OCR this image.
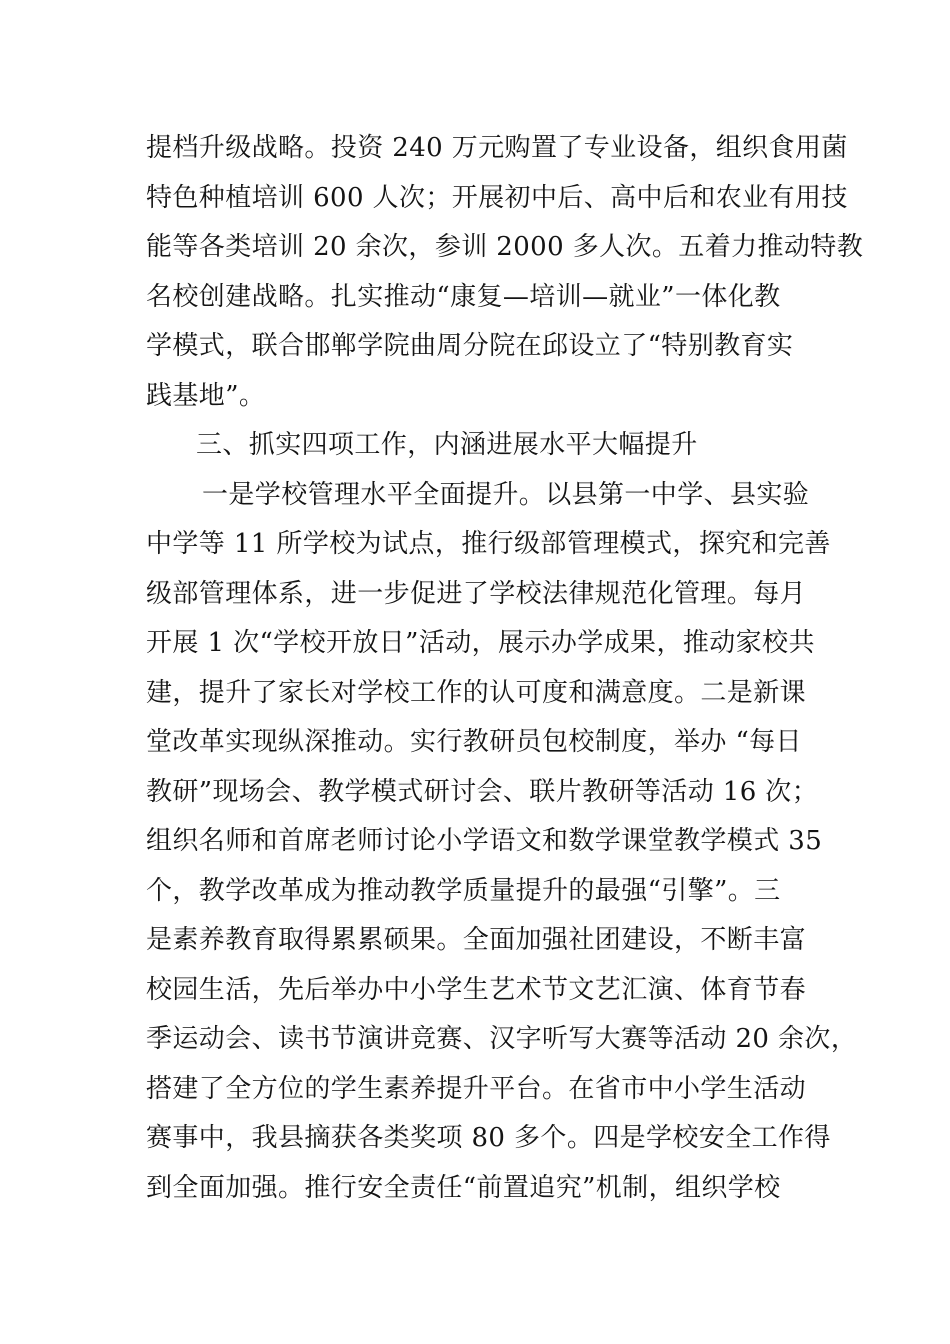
提档升级战略。投资 240 万元购置了专业设备，组织食用菌
特色种植培训 600 人次；开展初中后、高中后和农业有用技
能等各类培训 20 余次，参训 2000 多人次。五着力推动特教
名校创建战略。扎实推动“康复—培训—就业”一体化教
学模式，联合邯郸学院曲周分院在邱设立了“特别教育实
践基地”。
三、抓实四项工作，内涵进展水平大幅提升
一是学校管理水平全面提升。以县第一中学、县实验
中学等 11 所学校为试点，推行级部管理模式，探究和完善
级部管理体系，进一步促进了学校法律规范化管理。每月
开展 1 次“学校开放日”活动，展示办学成果，推动家校共
建，提升了家长对学校工作的认可度和满意度。二是新课
堂改革实现纵深推动。实行教研员包校制度，举办 “每日
教研”现场会、教学模式研讨会、联片教研等活动 16 次；
组织名师和首席老师讨论小学语文和数学课堂教学模式 35
个，教学改革成为推动教学质量提升的最强“引擎”。三
是素养教育取得累累硕果。全面加强社团建设，不断丰富
校园生活，先后举办中小学生艺术节文艺汇演、体育节春
季运动会、读书节演讲竞赛、汉字听写大赛等活动 20 余次，
搭建了全方位的学生素养提升平台。在省市中小学生活动
赛事中，我县摘获各类奖项 80 多个。四是学校安全工作得
到全面加强。推行安全责任“前置追究”机制，组织学校
